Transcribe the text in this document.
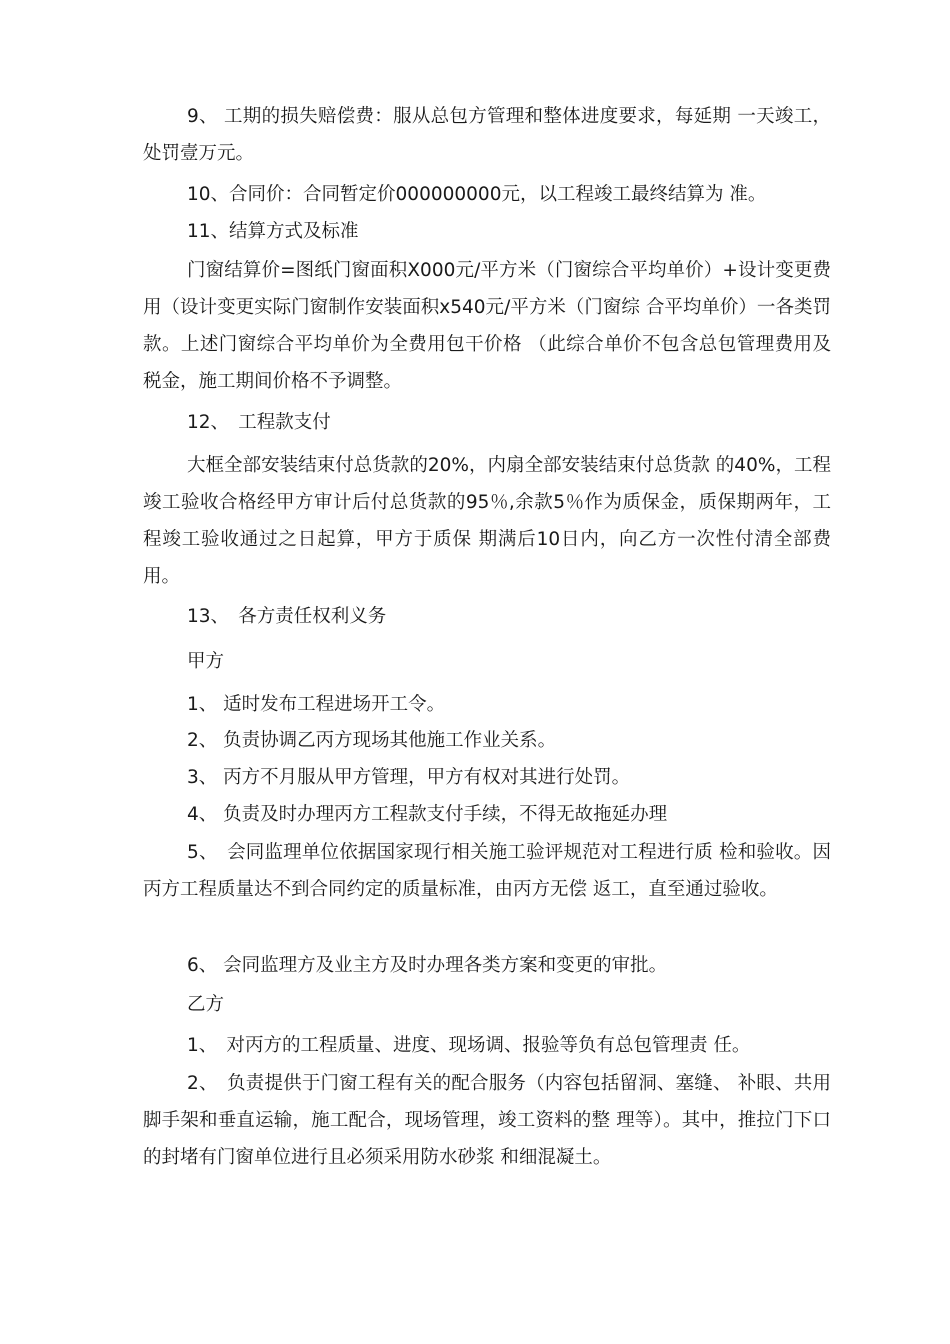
9、 工期的损失赔偿费：服从总包方管理和整体进度要求，每延期 一天竣工，处罚壹万元。

10、合同价：合同暂定价000000000元，以工程竣工最终结算为 准。

11、结算方式及标准

门窗结算价=图纸门窗面积X000元/平方米（门窗综合平均单价）+设计变更费用（设计变更实际门窗制作安装面积x540元/平方米（门窗综 合平均单价）一各类罚款。上述门窗综合平均单价为全费用包干价格 （此综合单价不包含总包管理费用及税金，施工期间价格不予调整。

12、　工程款支付

大框全部安装结束付总货款的20%，内扇全部安装结束付总货款 的40%，工程竣工验收合格经甲方审计后付总货款的95％,余款5％作为质保金，质保期两年，工程竣工验收通过之日起算，甲方于质保 期满后10日内，向乙方一次性付清全部费用。

13、　各方责任权利义务

甲方

1、 适时发布工程进场开工令。

2、 负责协调乙丙方现场其他施工作业关系。

3、 丙方不月服从甲方管理，甲方有权对其进行处罚。

4、 负责及时办理丙方工程款支付手续，不得无故拖延办理

5、　会同监理单位依据国家现行相关施工验评规范对工程进行质 检和验收。因丙方工程质量达不到合同约定的质量标准，由丙方无偿 返工，直至通过验收。

6、 会同监理方及业主方及时办理各类方案和变更的审批。

乙方

1、　对丙方的工程质量、进度、现场调、报验等负有总包管理责 任。

2、　负责提供于门窗工程有关的配合服务（内容包括留洞、塞缝、 补眼、共用脚手架和垂直运输，施工配合，现场管理，竣工资料的整 理等）。其中，推拉门下口的封堵有门窗单位进行且必须采用防水砂浆 和细混凝土。
